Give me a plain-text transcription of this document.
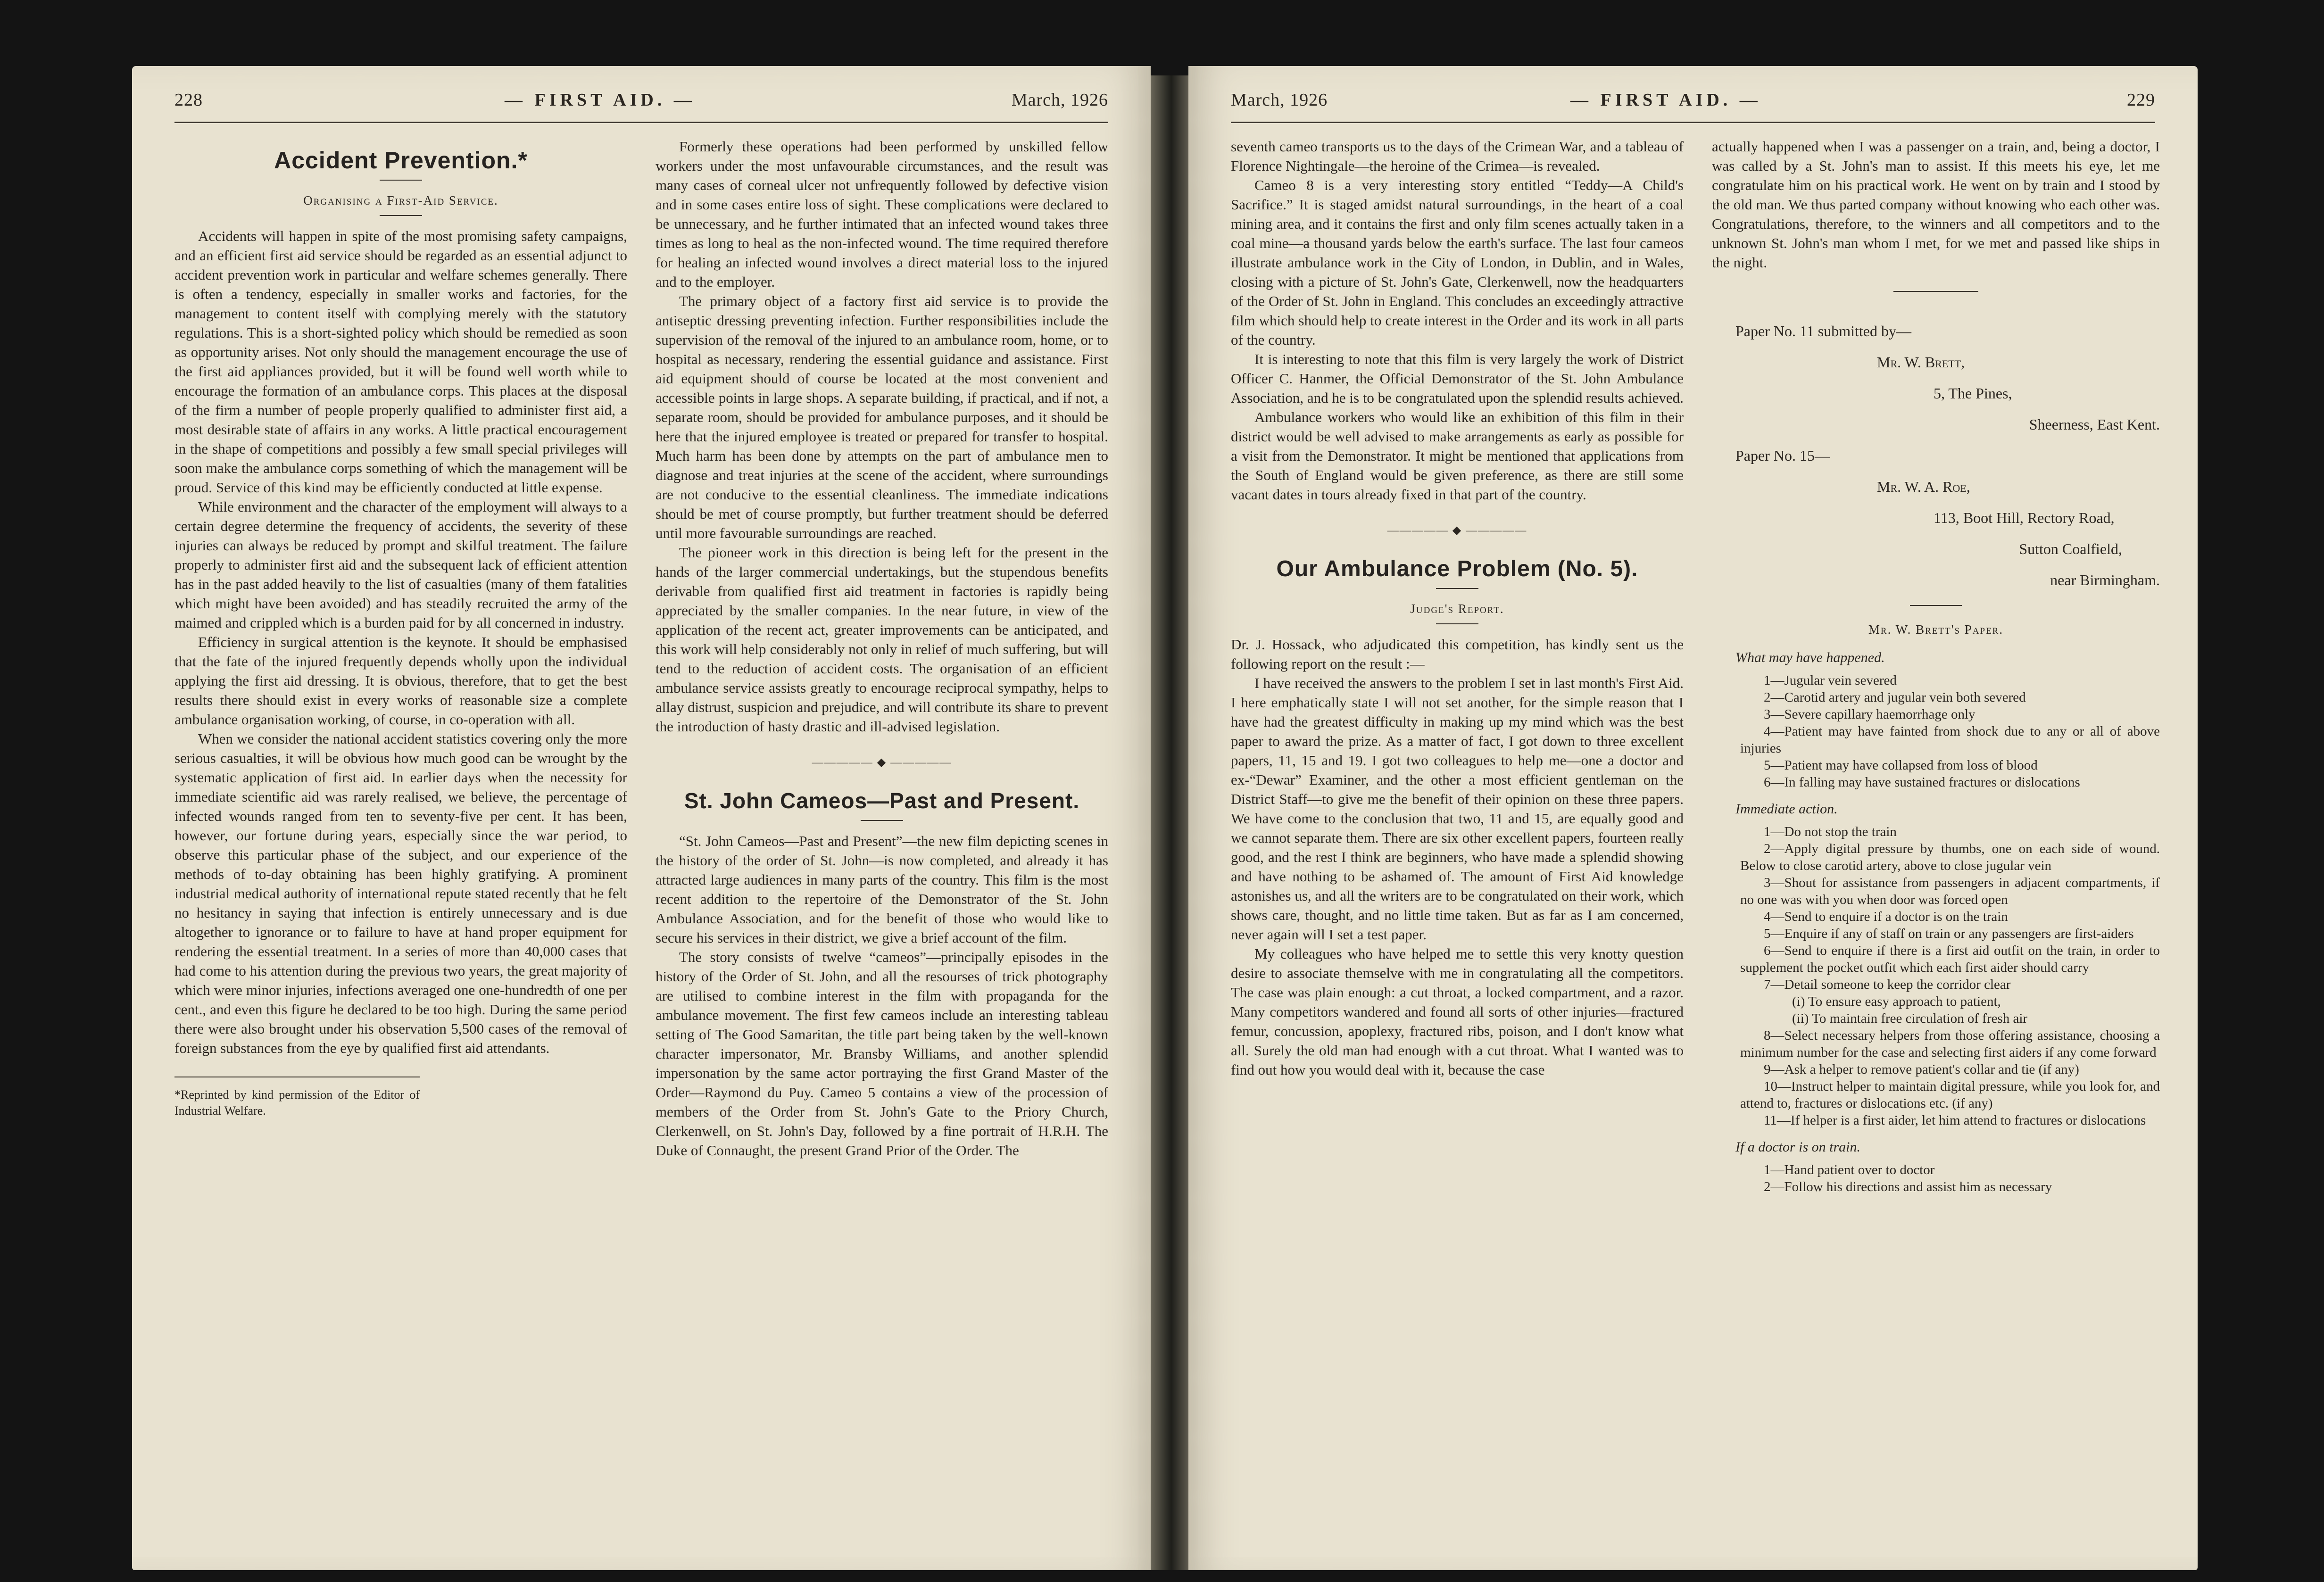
228	— FIRST AID. —	March, 1926
Accident Prevention.*
Organising a First-Aid Service.

Accidents will happen in spite of the most promising safety campaigns, and an efficient first aid service should be regarded as an essential adjunct to accident prevention work in particular and welfare schemes generally. There is often a tendency, especially in smaller works and factories, for the management to content itself with complying merely with the statutory regulations. This is a short-sighted policy which should be remedied as soon as opportunity arises. Not only should the management encourage the use of the first aid appliances provided, but it will be found well worth while to encourage the formation of an ambulance corps. This places at the disposal of the firm a number of people properly qualified to administer first aid, a most desirable state of affairs in any works. A little practical encouragement in the shape of competitions and possibly a few small special privileges will soon make the ambulance corps something of which the management will be proud. Service of this kind may be efficiently conducted at little expense.

While environment and the character of the employment will always to a certain degree determine the frequency of accidents, the severity of these injuries can always be reduced by prompt and skilful treatment. The failure properly to administer first aid and the subsequent lack of efficient attention has in the past added heavily to the list of casualties (many of them fatalities which might have been avoided) and has steadily recruited the army of the maimed and crippled which is a burden paid for by all concerned in industry.

Efficiency in surgical attention is the keynote. It should be emphasised that the fate of the injured frequently depends wholly upon the individual applying the first aid dressing. It is obvious, therefore, that to get the best results there should exist in every works of reasonable size a complete ambulance organisation working, of course, in co-operation with all.

When we consider the national accident statistics covering only the more serious casualties, it will be obvious how much good can be wrought by the systematic application of first aid. In earlier days when the necessity for immediate scientific aid was rarely realised, we believe, the percentage of infected wounds ranged from ten to seventy-five per cent. It has been, however, our fortune during years, especially since the war period, to observe this particular phase of the subject, and our experience of the methods of to-day obtaining has been highly gratifying. A prominent industrial medical authority of international repute stated recently that he felt no hesitancy in saying that infection is entirely unnecessary and is due altogether to ignorance or to failure to have at hand proper equipment for rendering the essential treatment. In a series of more than 40,000 cases that had come to his attention during the previous two years, the great majority of which were minor injuries, infections averaged one one-hundredth of one per cent., and even this figure he declared to be too high. During the same period there were also brought under his observation 5,500 cases of the removal of foreign substances from the eye by qualified first aid attendants.

*Reprinted by kind permission of the Editor of Industrial Welfare.

Formerly these operations had been performed by unskilled fellow workers under the most unfavourable circumstances, and the result was many cases of corneal ulcer not unfrequently followed by defective vision and in some cases entire loss of sight. These complications were declared to be unnecessary, and he further intimated that an infected wound takes three times as long to heal as the non-infected wound. The time required therefore for healing an infected wound involves a direct material loss to the injured and to the employer.

The primary object of a factory first aid service is to provide the antiseptic dressing preventing infection. Further responsibilities include the supervision of the removal of the injured to an ambulance room, home, or to hospital as necessary, rendering the essential guidance and assistance. First aid equipment should of course be located at the most convenient and accessible points in large shops. A separate building, if practical, and if not, a separate room, should be provided for ambulance purposes, and it should be here that the injured employee is treated or prepared for transfer to hospital. Much harm has been done by attempts on the part of ambulance men to diagnose and treat injuries at the scene of the accident, where surroundings are not conducive to the essential cleanliness. The immediate indications should be met of course promptly, but further treatment should be deferred until more favourable surroundings are reached.

The pioneer work in this direction is being left for the present in the hands of the larger commercial undertakings, but the stupendous benefits derivable from qualified first aid treatment in factories is rapidly being appreciated by the smaller companies. In the near future, in view of the application of the recent act, greater improvements can be anticipated, and this work will help considerably not only in relief of much suffering, but will tend to the reduction of accident costs. The organisation of an efficient ambulance service assists greatly to encourage reciprocal sympathy, helps to allay distrust, suspicion and prejudice, and will contribute its share to prevent the introduction of hasty drastic and ill-advised legislation.

————— ◆ —————
St. John Cameos—Past and Present.

“St. John Cameos—Past and Present”—the new film depicting scenes in the history of the order of St. John—is now completed, and already it has attracted large audiences in many parts of the country. This film is the most recent addition to the repertoire of the Demonstrator of the St. John Ambulance Association, and for the benefit of those who would like to secure his services in their district, we give a brief account of the film.

The story consists of twelve “cameos”—principally episodes in the history of the Order of St. John, and all the resourses of trick photography are utilised to combine interest in the film with propaganda for the ambulance movement. The first few cameos include an interesting tableau setting of The Good Samaritan, the title part being taken by the well-known character impersonator, Mr. Bransby Williams, and another splendid impersonation by the same actor portraying the first Grand Master of the Order—Raymond du Puy. Cameo 5 contains a view of the procession of members of the Order from St. John's Gate to the Priory Church, Clerkenwell, on St. John's Day, followed by a fine portrait of H.R.H. The Duke of Connaught, the present Grand Prior of the Order. The

March, 1926	— FIRST AID. —	229

seventh cameo transports us to the days of the Crimean War, and a tableau of Florence Nightingale—the heroine of the Crimea—is revealed.

Cameo 8 is a very interesting story entitled “Teddy—A Child's Sacrifice.” It is staged amidst natural surroundings, in the heart of a coal mining area, and it contains the first and only film scenes actually taken in a coal mine—a thousand yards below the earth's surface. The last four cameos illustrate ambulance work in the City of London, in Dublin, and in Wales, closing with a picture of St. John's Gate, Clerkenwell, now the headquarters of the Order of St. John in England. This concludes an exceedingly attractive film which should help to create interest in the Order and its work in all parts of the country.

It is interesting to note that this film is very largely the work of District Officer C. Hanmer, the Official Demonstrator of the St. John Ambulance Association, and he is to be congratulated upon the splendid results achieved.

Ambulance workers who would like an exhibition of this film in their district would be well advised to make arrangements as early as possible for a visit from the Demonstrator. It might be mentioned that applications from the South of England would be given preference, as there are still some vacant dates in tours already fixed in that part of the country.

————— ◆ —————
Our Ambulance Problem (No. 5).
Judge's Report.

Dr. J. Hossack, who adjudicated this competition, has kindly sent us the following report on the result :—

I have received the answers to the problem I set in last month's First Aid. I here emphatically state I will not set another, for the simple reason that I have had the greatest difficulty in making up my mind which was the best paper to award the prize. As a matter of fact, I got down to three excellent papers, 11, 15 and 19. I got two colleagues to help me—one a doctor and ex-“Dewar” Examiner, and the other a most efficient gentleman on the District Staff—to give me the benefit of their opinion on these three papers. We have come to the conclusion that two, 11 and 15, are equally good and we cannot separate them. There are six other excellent papers, fourteen really good, and the rest I think are beginners, who have made a splendid showing and have nothing to be ashamed of. The amount of First Aid knowledge astonishes us, and all the writers are to be congratulated on their work, which shows care, thought, and no little time taken. But as far as I am concerned, never again will I set a test paper.

My colleagues who have helped me to settle this very knotty question desire to associate themselve with me in congratulating all the competitors. The case was plain enough: a cut throat, a locked compartment, and a razor. Many competitors wandered and found all sorts of other injuries—fractured femur, concussion, apoplexy, fractured ribs, poison, and I don't know what all. Surely the old man had enough with a cut throat. What I wanted was to find out how you would deal with it, because the case

actually happened when I was a passenger on a train, and, being a doctor, I was called by a St. John's man to assist. If this meets his eye, let me congratulate him on his practical work. He went on by train and I stood by the old man. We thus parted company without knowing who each other was. Congratulations, therefore, to the winners and all competitors and to the unknown St. John's man whom I met, for we met and passed like ships in the night.

Paper No. 11 submitted by—

Mr. W. Brett,

5, The Pines,

Sheerness, East Kent.

Paper No. 15—

Mr. W. A. Roe,

113, Boot Hill, Rectory Road,

Sutton Coalfield,

near Birmingham.

Mr. W. Brett's Paper.
What may have happened.

1—Jugular vein severed

2—Carotid artery and jugular vein both severed

3—Severe capillary haemorrhage only

4—Patient may have fainted from shock due to any or all of above injuries

5—Patient may have collapsed from loss of blood

6—In falling may have sustained fractures or dislocations

Immediate action.

1—Do not stop the train

2—Apply digital pressure by thumbs, one on each side of wound. Below to close carotid artery, above to close jugular vein

3—Shout for assistance from passengers in adjacent compartments, if no one was with you when door was forced open

4—Send to enquire if a doctor is on the train

5—Enquire if any of staff on train or any passengers are first-aiders

6—Send to enquire if there is a first aid outfit on the train, in order to supplement the pocket outfit which each first aider should carry

7—Detail someone to keep the corridor clear

(i) To ensure easy approach to patient,

(ii) To maintain free circulation of fresh air

8—Select necessary helpers from those offering assistance, choosing a minimum number for the case and selecting first aiders if any come forward

9—Ask a helper to remove patient's collar and tie (if any)

10—Instruct helper to maintain digital pressure, while you look for, and attend to, fractures or dislocations etc. (if any)

11—If helper is a first aider, let him attend to fractures or dislocations

If a doctor is on train.

1—Hand patient over to doctor

2—Follow his directions and assist him as necessary
